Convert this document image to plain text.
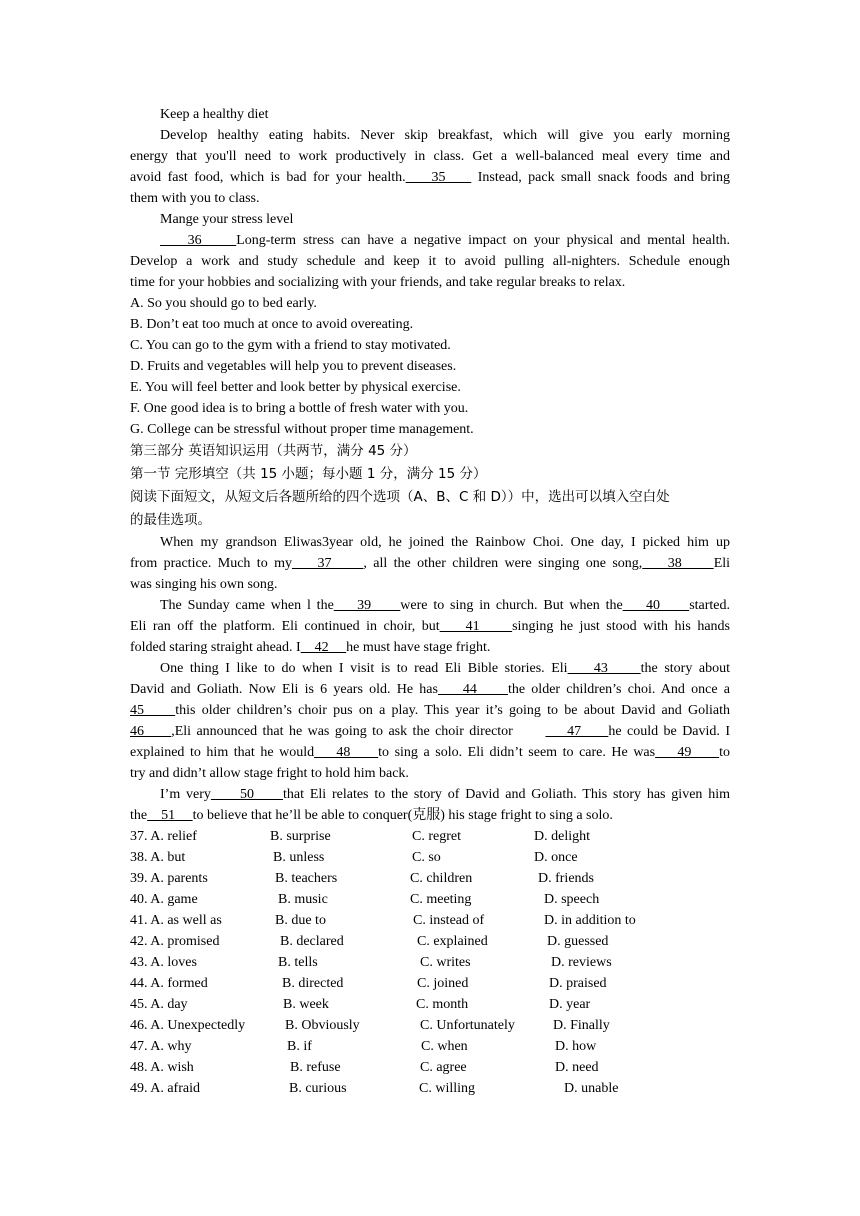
Keep a healthy diet
Develop healthy eating habits. Never skip breakfast, which will give you early morning
energy that you'll need to work productively in class. Get a well-balanced meal every time and
avoid fast food, which is bad for your health.    35     Instead, pack small snack foods and bring
them with you to class.
Mange your stress level
36     Long-term stress can have a negative impact on your physical and mental health.
Develop a work and study schedule and keep it to avoid pulling all-nighters. Schedule enough
time for your hobbies and socializing with your friends, and take regular breaks to relax.
A. So you should go to bed early.
B. Don’t eat too much at once to avoid overeating.
C. You can go to the gym with a friend to stay motivated.
D. Fruits and vegetables will help you to prevent diseases.
E. You will feel better and look better by physical exercise.
F. One good idea is to bring a bottle of fresh water with you.
G. College can be stressful without proper time management.
第三部分 英语知识运用（共两节，满分 45 分）
第一节 完形填空（共 15 小题；每小题 1 分，满分 15 分）
阅读下面短文，从短文后各题所给的四个选项（A、B、C 和 D））中，选出可以填入空白处
的最佳选项。
When my grandson Eliwas3year old, he joined the Rainbow Choi. One day, I picked him up
from practice. Much to my    37     , all the other children were singing one song,    38     Eli
was singing his own song.
The Sunday came when l the    39     were to sing in church. But when the    40     started.
Eli ran off the platform. Eli continued in choir, but    41     singing he just stood with his hands
folded staring straight ahead. I    42     he must have stage fright.
One thing I like to do when I visit is to read Eli Bible stories. Eli    43     the story about
David and Goliath. Now Eli is 6 years old. He has    44     the older children’s choi. And once a
45     this older children’s choir pus on a play. This year it’s going to be about David and Goliath
46     ,Eli announced that he was going to ask the choir director          47     he could be David. I
explained to him that he would    48     to sing a solo. Eli didn’t seem to care. He was    49     to
try and didn’t allow stage fright to hold him back.
I’m very     50     that Eli relates to the story of David and Goliath. This story has given him
the    51     to believe that he’ll be able to conquer(克服) his stage fright to sing a solo.
37. A. relief	B. surprise	C. regret	D. delight
38. A. but	B. unless	C. so	D. once
39. A. parents	B. teachers	C. children	D. friends
40. A. game	B. music	C. meeting	D. speech
41. A. as well as	B. due to	C. instead of	D. in addition to
42. A. promised	B. declared	C. explained	D. guessed
43. A. loves	B. tells	C. writes	D. reviews
44. A. formed	B. directed	C. joined	D. praised
45. A. day	B. week	C. month	D. year
46. A. Unexpectedly	B. Obviously	C. Unfortunately	D. Finally
47. A. why	B. if	C. when	D. how
48. A. wish	B. refuse	C. agree	D. need
49. A. afraid	B. curious	C. willing	D. unable
